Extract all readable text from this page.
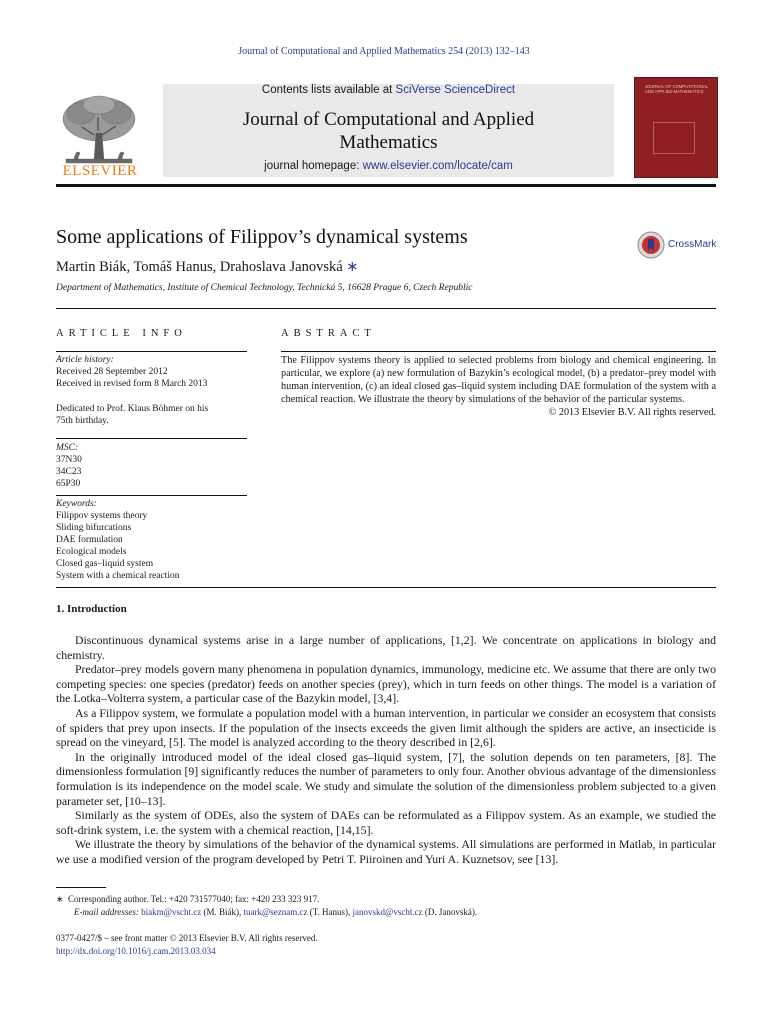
Journal of Computational and Applied Mathematics 254 (2013) 132–143
Contents lists available at SciVerse ScienceDirect
Journal of Computational and Applied
Mathematics
journal homepage: www.elsevier.com/locate/cam
ELSEVIER
JOURNAL OF COMPUTATIONAL AND APPLIED MATHEMATICS
Some applications of Filippov’s dynamical systems	CrossMark
Martin Biák, Tomáš Hanus, Drahoslava Janovská ∗
Department of Mathematics, Institute of Chemical Technology, Technická 5, 16628 Prague 6, Czech Republic
ARTICLE INFO	ABSTRACT
Article history:
Received 28 September 2012
Received in revised form 8 March 2013
Dedicated to Prof. Klaus Böhmer on his
75th birthday.
MSC:
37N30
34C23
65P30
Keywords:
Filippov systems theory
Sliding bifurcations
DAE formulation
Ecological models
Closed gas–liquid system
System with a chemical reaction
The Filippov systems theory is applied to selected problems from biology and chemical engineering. In particular, we explore (a) new formulation of Bazykin’s ecological model, (b) a predator–prey model with human intervention, (c) an ideal closed gas–liquid system including DAE formulation of the system with a chemical reaction. We illustrate the theory by simulations of the behavior of the particular systems.
© 2013 Elsevier B.V. All rights reserved.
1. Introduction

Discontinuous dynamical systems arise in a large number of applications, [1,2]. We concentrate on applications in biology and chemistry.

Predator–prey models govern many phenomena in population dynamics, immunology, medicine etc. We assume that there are only two competing species: one species (predator) feeds on another species (prey), which in turn feeds on other things. The model is a variation of the Lotka–Volterra system, a particular case of the Bazykin model, [3,4].

As a Filippov system, we formulate a population model with a human intervention, in particular we consider an ecosystem that consists of spiders that prey upon insects. If the population of the insects exceeds the given limit although the spiders are active, an insecticide is spread on the vineyard, [5]. The model is analyzed according to the theory described in [2,6].

In the originally introduced model of the ideal closed gas–liquid system, [7], the solution depends on ten parameters, [8]. The dimensionless formulation [9] significantly reduces the number of parameters to only four. Another obvious advantage of the dimensionless formulation is its independence on the model scale. We study and simulate the solution of the dimensionless problem subjected to a given parameter set, [10–13].

Similarly as the system of ODEs, also the system of DAEs can be reformulated as a Filippov system. As an example, we studied the soft-drink system, i.e. the system with a chemical reaction, [14,15].

We illustrate the theory by simulations of the behavior of the dynamical systems. All simulations are performed in Matlab, in particular we use a modified version of the program developed by Petri T. Piiroinen and Yuri A. Kuznetsov, see [13].

∗ Corresponding author. Tel.: +420 731577040; fax: +420 233 323 917.
E-mail addresses: biakm@vscht.cz (M. Biák), tuark@seznam.cz (T. Hanus), janovskd@vscht.cz (D. Janovská).
0377-0427/$ – see front matter © 2013 Elsevier B.V. All rights reserved.
http://dx.doi.org/10.1016/j.cam.2013.03.034
